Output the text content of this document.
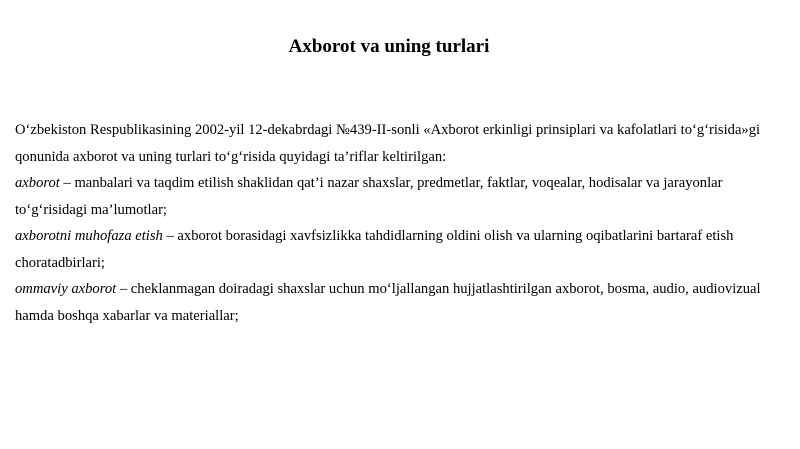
Axborot va uning turlari

O‘zbekiston Respublikasining 2002-yil 12-dekabrdagi №439-II-sonli «Axborot erkinligi prinsiplari va kafolatlari to‘g‘risida»gi qonunida axborot va uning turlari to‘g‘risida quyidagi ta’riflar keltirilgan:

axborot – manbalari va taqdim etilish shaklidan qat’i nazar shaxslar, predmetlar, faktlar, voqealar, hodisalar va jarayonlar to‘g‘risidagi ma’lumotlar;

axborotni muhofaza etish – axborot borasidagi xavfsizlikka tahdidlarning oldini olish va ularning oqibatlarini bartaraf etish choratadbirlari;

ommaviy axborot – cheklanmagan doiradagi shaxslar uchun mo‘ljallangan hujjatlashtirilgan axborot, bosma, audio, audiovizual hamda boshqa xabarlar va materiallar;
